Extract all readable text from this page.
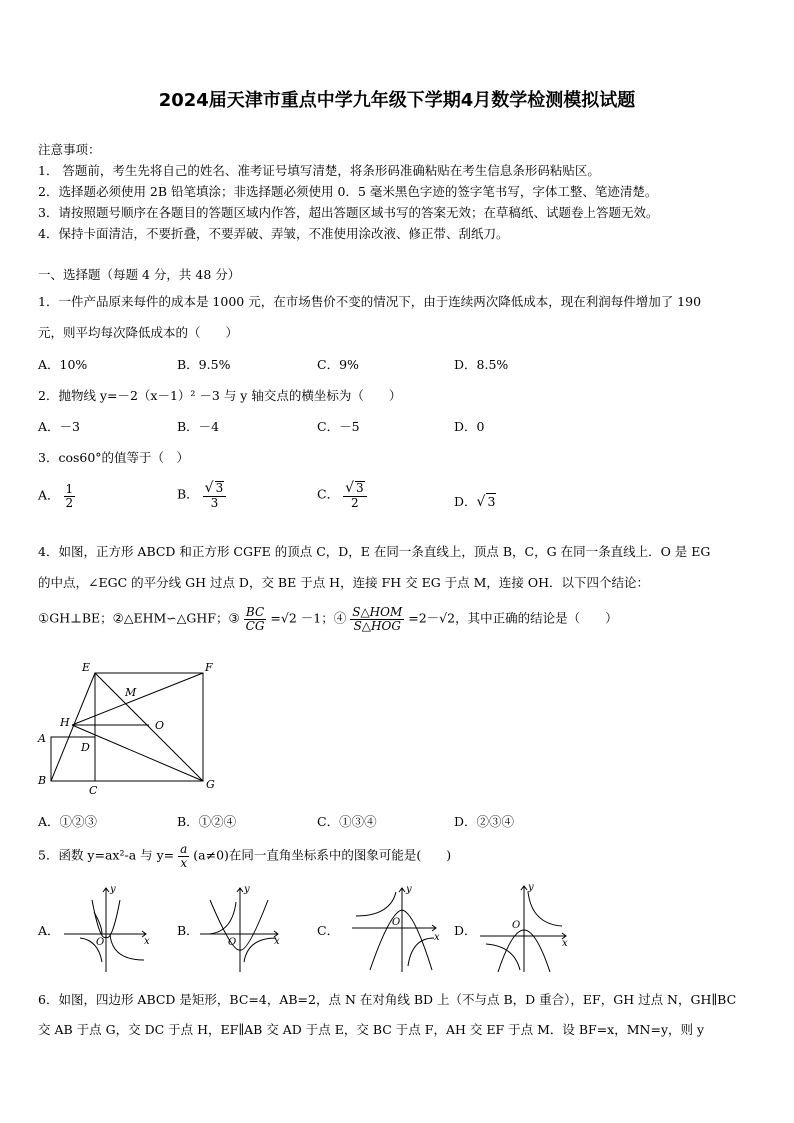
2024届天津市重点中学九年级下学期4月数学检测模拟试题
注意事项：
1． 答题前，考生先将自己的姓名、准考证号填写清楚，将条形码准确粘贴在考生信息条形码粘贴区。
2．选择题必须使用 2B 铅笔填涂；非选择题必须使用 0．5 毫米黑色字迹的签字笔书写，字体工整、笔迹清楚。
3．请按照题号顺序在各题目的答题区域内作答，超出答题区域书写的答案无效；在草稿纸、试题卷上答题无效。
4．保持卡面清洁，不要折叠，不要弄破、弄皱，不准使用涂改液、修正带、刮纸刀。
一、选择题（每题 4 分，共 48 分）
1．一件产品原来每件的成本是 1000 元，在市场售价不变的情况下，由于连续两次降低成本，现在利润每件增加了 190
元，则平均每次降低成本的（　　）
A．10%	B．9.5%	C．9%	D．8.5%
2．抛物线 y=－2（x－1）² －3 与 y 轴交点的横坐标为（　　）
A．－3	B．－4	C．－5	D．0
3．cos60°的值等于（　）
A． $\frac{1}{2}$	B． $\frac{√ 3}{3}$	C． $\frac{√ 3}{2}$	D．√ 3
4．如图，正方形 ABCD 和正方形 CGFE 的顶点 C，D，E 在同一条直线上，顶点 B，C，G 在同一条直线上．O 是 EG
的中点，∠EGC 的平分线 GH 过点 D，交 BE 于点 H，连接 FH 交 EG 于点 M，连接 OH．以下四个结论：
①GH⊥BE；②△EHM∽△GHF；③ $\frac{BC}{CG} =√2 -1$；④ $\frac{\text{S△HOM}}{\text{S△HOG}} =2-√2$，其中正确的结论是（　　）
E	F
M
H	O
A
D
B
C	G
A．①②③	B．①②④	C．①③④	D．②③④
5．函数 y=ax²-a 与 $y= \frac{a}{x} (a\ne 0)$在同一直角坐标系中的图象可能是(　　)
A．	B．	C．	D．
y
x
O
y
x
O
y
x
O
y
x
O
6．如图，四边形 ABCD 是矩形，BC=4，AB=2，点 N 在对角线 BD 上（不与点 B，D 重合），EF，GH 过点 N，GH∥BC
交 AB 于点 G，交 DC 于点 H，EF∥AB 交 AD 于点 E，交 BC 于点 F，AH 交 EF 于点 M．设 BF=x，MN=y，则 y
